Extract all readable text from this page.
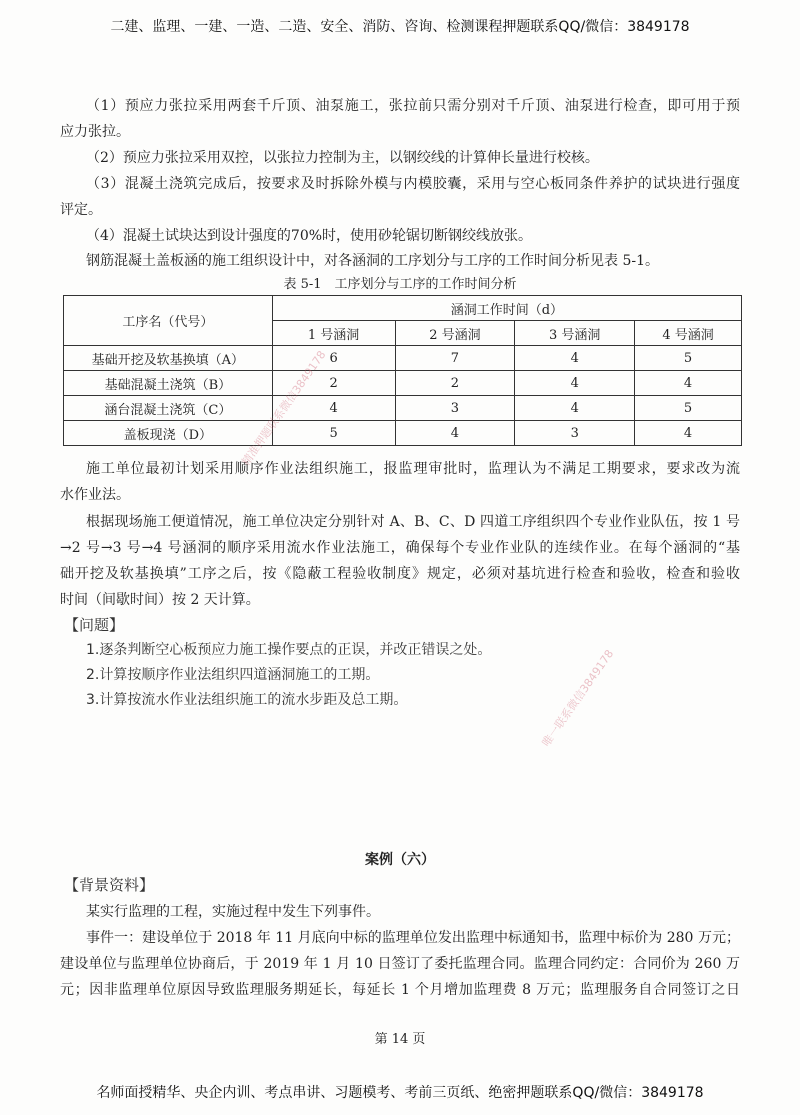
二建、监理、一建、一造、二造、安全、消防、咨询、检测课程押题联系QQ/微信：3849178
（1）预应力张拉采用两套千斤顶、油泵施工，张拉前只需分别对千斤顶、油泵进行检查，即可用于预
应力张拉。
（2）预应力张拉采用双控，以张拉力控制为主，以钢绞线的计算伸长量进行校核。
（3）混凝土浇筑完成后，按要求及时拆除外模与内模胶囊，采用与空心板同条件养护的试块进行强度
评定。
（4）混凝土试块达到设计强度的70%时，使用砂轮锯切断钢绞线放张。
钢筋混凝土盖板涵的施工组织设计中，对各涵洞的工序划分与工序的工作时间分析见表 5-1。
表 5-1　工序划分与工序的工作时间分析
工序名（代号）	涵洞工作时间（d）			
	1 号涵洞	2 号涵洞	3 号涵洞	4 号涵洞
基础开挖及软基换填（A）	6	7	4	5
基础混凝土浇筑（B）	2	2	4	4
涵台混凝土浇筑（C）	4	3	4	5
盖板现浇（D）	5	4	3	4
施工单位最初计划采用顺序作业法组织施工，报监理审批时，监理认为不满足工期要求，要求改为流
水作业法。
根据现场施工便道情况，施工单位决定分别针对 A、B、C、D 四道工序组织四个专业作业队伍，按 1 号
→2 号→3 号→4 号涵洞的顺序采用流水作业法施工，确保每个专业作业队的连续作业。在每个涵洞的“基
础开挖及软基换填”工序之后，按《隐蔽工程验收制度》规定，必须对基坑进行检查和验收，检查和验收
时间（间歇时间）按 2 天计算。
【问题】
1.逐条判断空心板预应力施工操作要点的正误，并改正错误之处。
2.计算按顺序作业法组织四道涵洞施工的工期。
3.计算按流水作业法组织施工的流水步距及总工期。
案例（六）
【背景资料】
某实行监理的工程，实施过程中发生下列事件。
事件一：建设单位于 2018 年 11 月底向中标的监理单位发出监理中标通知书，监理中标价为 280 万元；
建设单位与监理单位协商后，于 2019 年 1 月 10 日签订了委托监理合同。监理合同约定：合同价为 260 万
元；因非监理单位原因导致监理服务期延长，每延长 1 个月增加监理费 8 万元；监理服务自合同签订之日
第 14 页
名师面授精华、央企内训、考点串讲、习题模考、考前三页纸、绝密押题联系QQ/微信：3849178
精准押题联系微信3849178
唯一联系微信3849178
